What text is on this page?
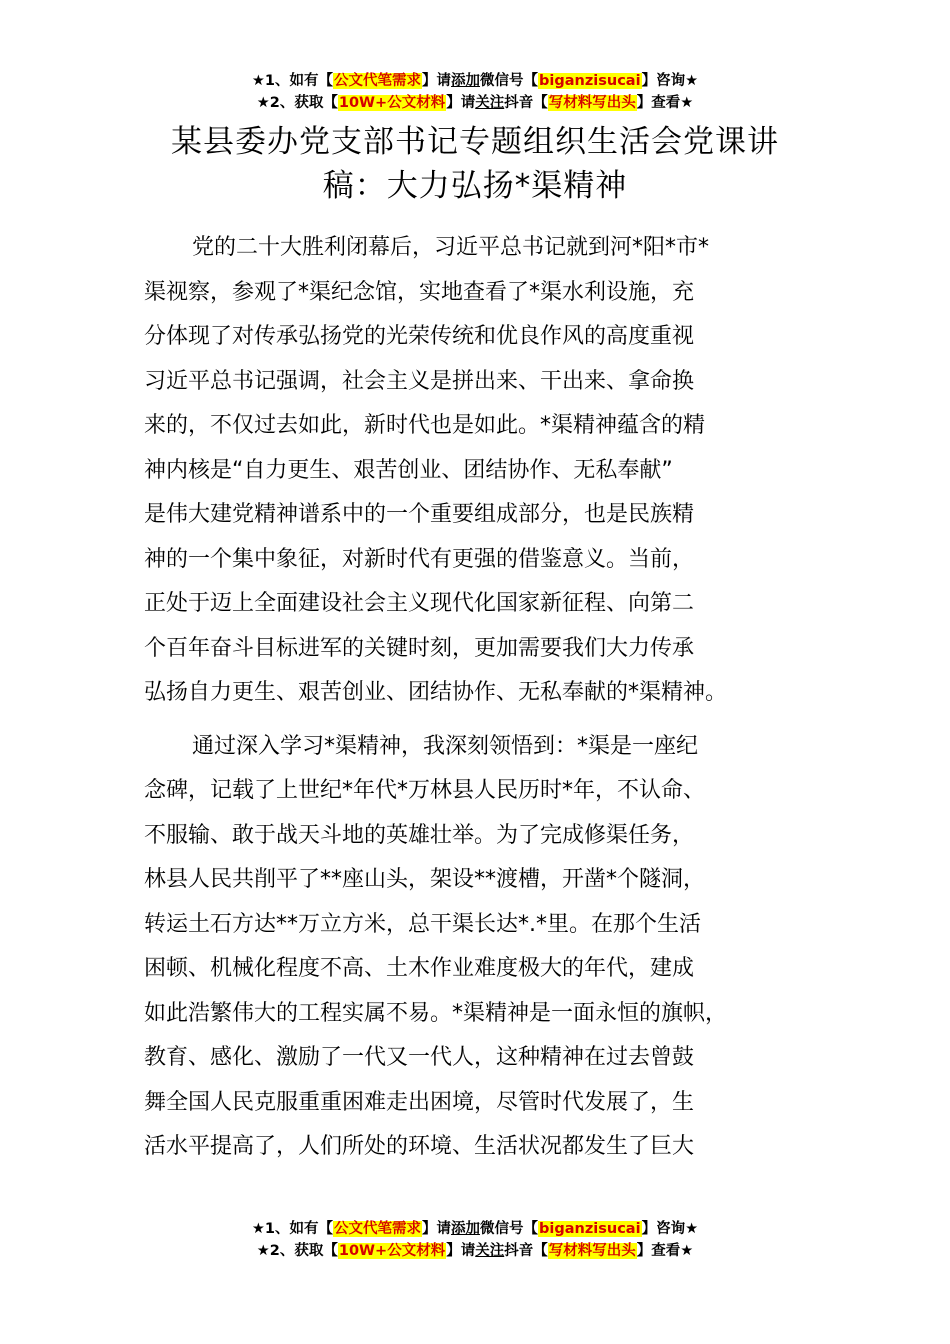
★1、如有【公文代笔需求】请添加微信号【biganzisucai】咨询★
★2、获取【10W+公文材料】请关注抖音【写材料写出头】查看★
某县委办党支部书记专题组织生活会党课讲
稿：大力弘扬*渠精神
党的二十大胜利闭幕后，习近平总书记就到河*阳*市*
渠视察，参观了*渠纪念馆，实地查看了*渠水利设施，充
分体现了对传承弘扬党的光荣传统和优良作风的高度重视
习近平总书记强调，社会主义是拼出来、干出来、拿命换
来的，不仅过去如此，新时代也是如此。*渠精神蕴含的精
神内核是“自力更生、艰苦创业、团结协作、无私奉献”
是伟大建党精神谱系中的一个重要组成部分，也是民族精
神的一个集中象征，对新时代有更强的借鉴意义。当前，
正处于迈上全面建设社会主义现代化国家新征程、向第二
个百年奋斗目标进军的关键时刻，更加需要我们大力传承
弘扬自力更生、艰苦创业、团结协作、无私奉献的*渠精神。
通过深入学习*渠精神，我深刻领悟到：*渠是一座纪
念碑，记载了上世纪*年代*万林县人民历时*年，不认命、
不服输、敢于战天斗地的英雄壮举。为了完成修渠任务，
林县人民共削平了**座山头，架设**渡槽，开凿*个隧洞，
转运土石方达**万立方米，总干渠长达*.*里。在那个生活
困顿、机械化程度不高、土木作业难度极大的年代，建成
如此浩繁伟大的工程实属不易。*渠精神是一面永恒的旗帜，
教育、感化、激励了一代又一代人，这种精神在过去曾鼓
舞全国人民克服重重困难走出困境，尽管时代发展了，生
活水平提高了，人们所处的环境、生活状况都发生了巨大
★1、如有【公文代笔需求】请添加微信号【biganzisucai】咨询★
★2、获取【10W+公文材料】请关注抖音【写材料写出头】查看★
